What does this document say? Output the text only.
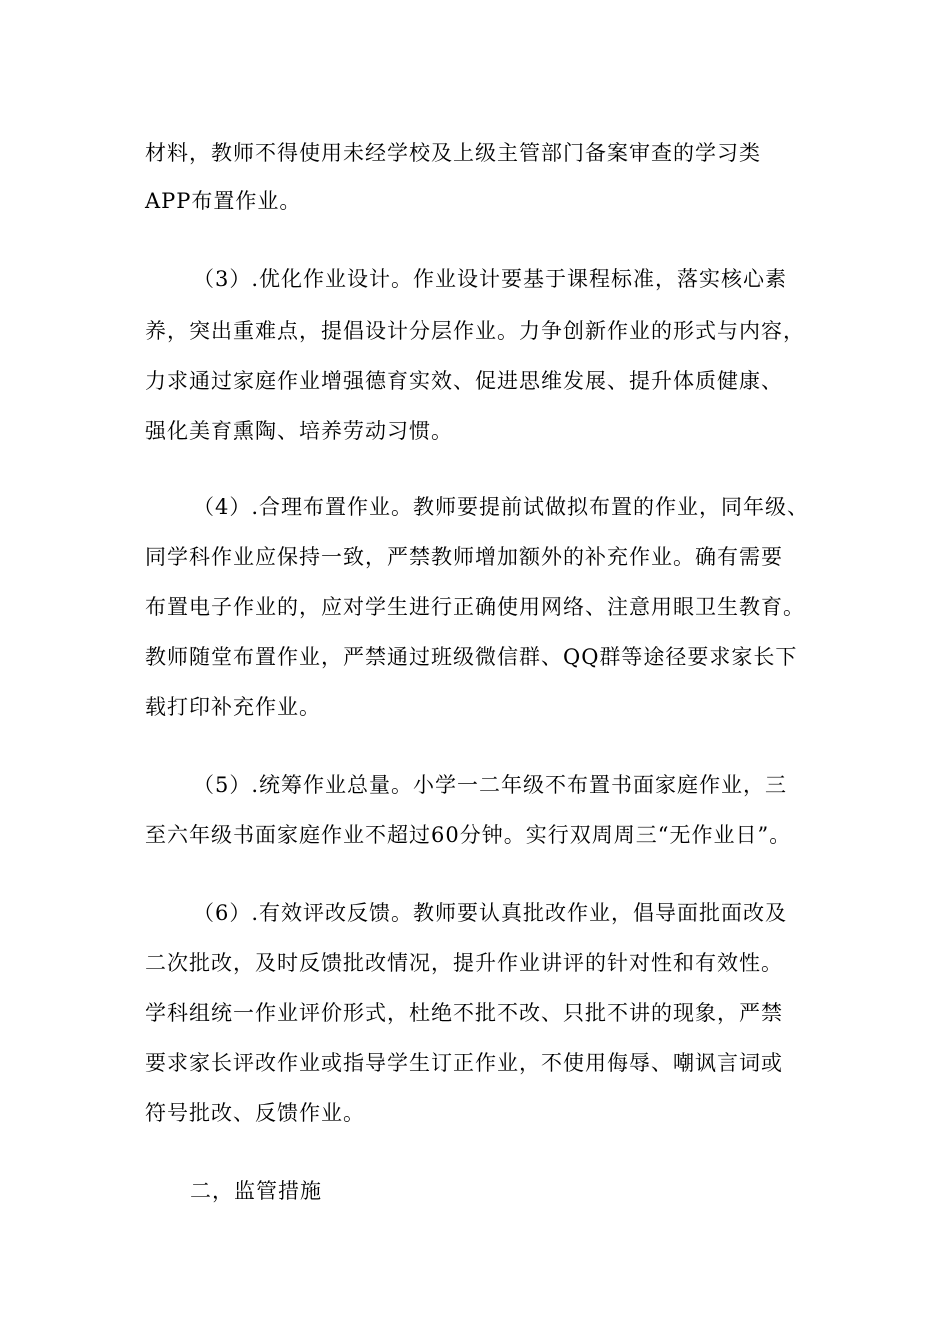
材料，教师不得使用未经学校及上级主管部门备案审查的学习类
APP布置作业。
（3）.优化作业设计。作业设计要基于课程标准，落实核心素
养，突出重难点，提倡设计分层作业。力争创新作业的形式与内容，
力求通过家庭作业增强德育实效、促进思维发展、提升体质健康、
强化美育熏陶、培养劳动习惯。
（4）.合理布置作业。教师要提前试做拟布置的作业，同年级、
同学科作业应保持一致，严禁教师增加额外的补充作业。确有需要
布置电子作业的，应对学生进行正确使用网络、注意用眼卫生教育。
教师随堂布置作业，严禁通过班级微信群、QQ群等途径要求家长下
载打印补充作业。
（5）.统筹作业总量。小学一二年级不布置书面家庭作业，三
至六年级书面家庭作业不超过60分钟。实行双周周三“无作业日”。
（6）.有效评改反馈。教师要认真批改作业，倡导面批面改及
二次批改，及时反馈批改情况，提升作业讲评的针对性和有效性。
学科组统一作业评价形式，杜绝不批不改、只批不讲的现象，严禁
要求家长评改作业或指导学生订正作业，不使用侮辱、嘲讽言词或
符号批改、反馈作业。
二，监管措施
